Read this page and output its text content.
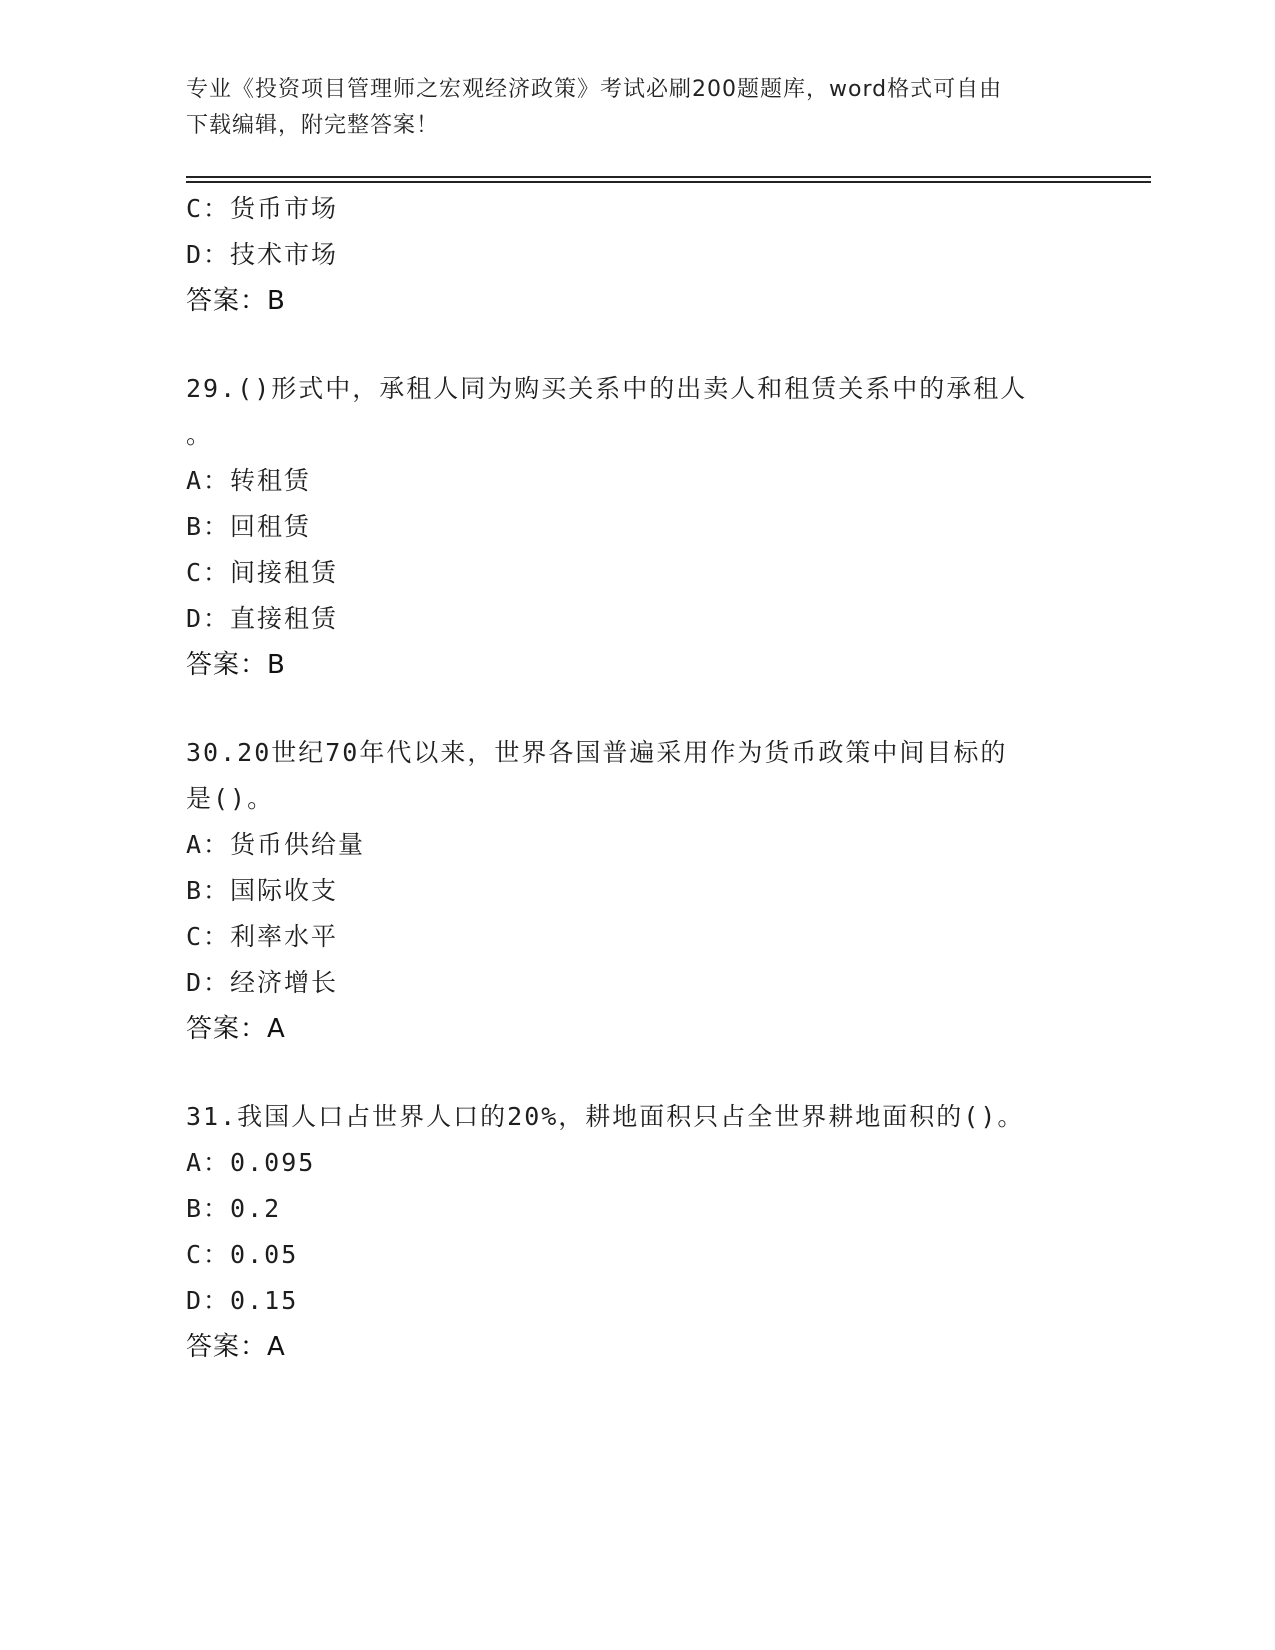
专业《投资项目管理师之宏观经济政策》考试必刷200题题库，word格式可自由
下载编辑，附完整答案！
C：货币市场
D：技术市场
答案：B
29.()形式中，承租人同为购买关系中的出卖人和租赁关系中的承租人
。
A：转租赁
B：回租赁
C：间接租赁
D：直接租赁
答案：B
30.20世纪70年代以来，世界各国普遍采用作为货币政策中间目标的
是()。
A：货币供给量
B：国际收支
C：利率水平
D：经济增长
答案：A
31.我国人口占世界人口的20%，耕地面积只占全世界耕地面积的()。
A：0.095
B：0.2
C：0.05
D：0.15
答案：A
